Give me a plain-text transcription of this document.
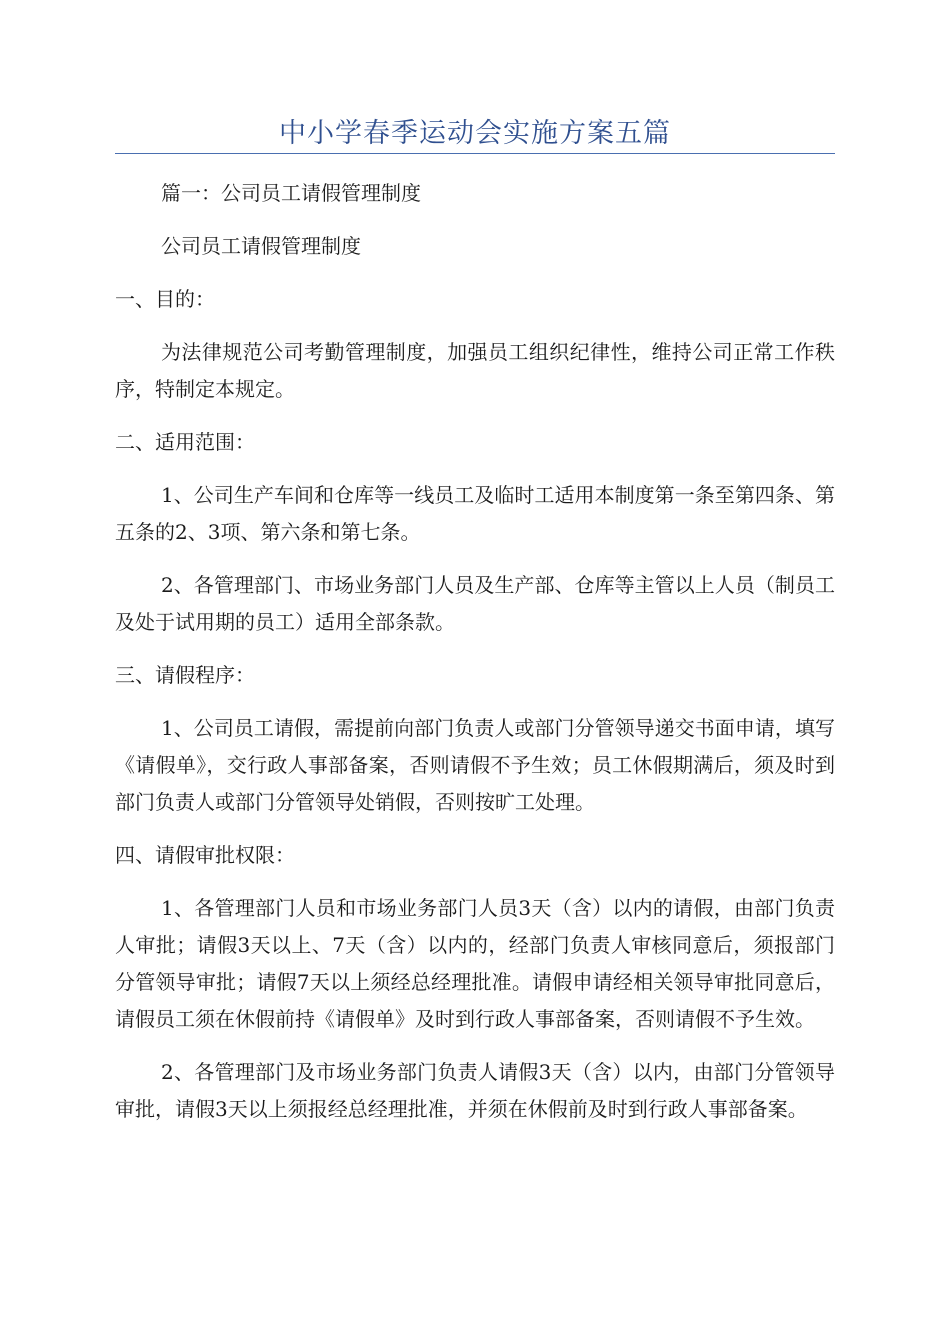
中小学春季运动会实施方案五篇

篇一：公司员工请假管理制度

公司员工请假管理制度

一、目的：

为法律规范公司考勤管理制度，加强员工组织纪律性，维持公司正常工作秩序，特制定本规定。

二、适用范围：

1、公司生产车间和仓库等一线员工及临时工适用本制度第一条至第四条、第五条的2、3项、第六条和第七条。

2、各管理部门、市场业务部门人员及生产部、仓库等主管以上人员（制员工及处于试用期的员工）适用全部条款。

三、请假程序：

1、公司员工请假，需提前向部门负责人或部门分管领导递交书面申请，填写《请假单》，交行政人事部备案，否则请假不予生效；员工休假期满后，须及时到部门负责人或部门分管领导处销假，否则按旷工处理。

四、请假审批权限：

1、各管理部门人员和市场业务部门人员3天（含）以内的请假，由部门负责人审批；请假3天以上、7天（含）以内的，经部门负责人审核同意后，须报部门分管领导审批；请假7天以上须经总经理批准。请假申请经相关领导审批同意后，请假员工须在休假前持《请假单》及时到行政人事部备案，否则请假不予生效。

2、各管理部门及市场业务部门负责人请假3天（含）以内，由部门分管领导审批，请假3天以上须报经总经理批准，并须在休假前及时到行政人事部备案。
